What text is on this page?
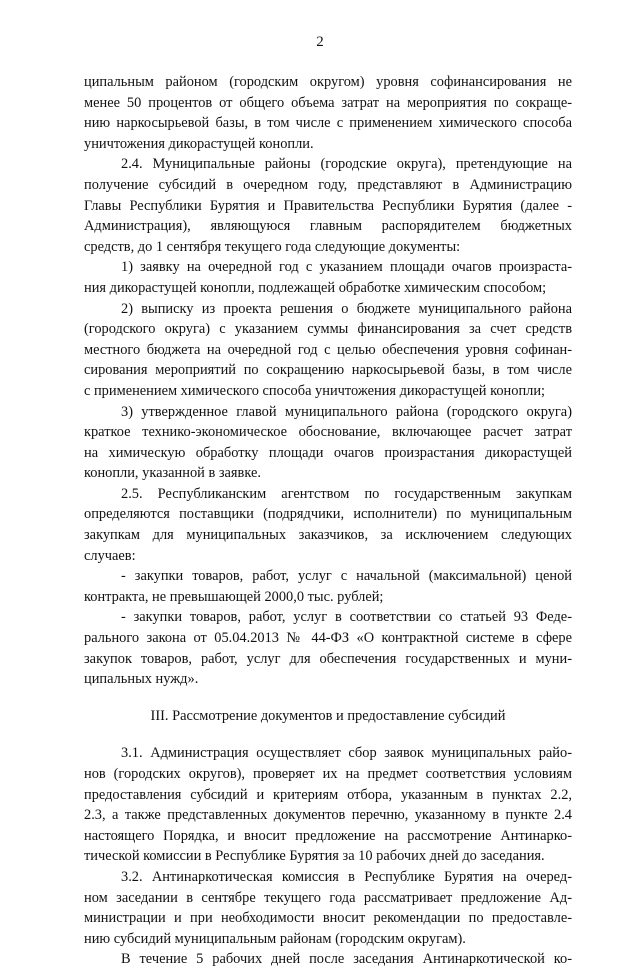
2
ципальным районом (городским округом) уровня софинансирования не
менее 50 процентов от общего объема затрат на мероприятия по сокраще-
нию наркосырьевой базы, в том числе с применением химического способа
уничтожения дикорастущей конопли.
2.4. Муниципальные районы (городские округа), претендующие на
получение субсидий в очередном году, представляют в Администрацию
Главы Республики Бурятия и Правительства Республики Бурятия (далее -
Администрация), являющуюся главным распорядителем бюджетных
средств, до 1 сентября текущего года следующие документы:
1) заявку на очередной год с указанием площади очагов произраста-
ния дикорастущей конопли, подлежащей обработке химическим способом;
2) выписку из проекта решения о бюджете муниципального района
(городского округа) с указанием суммы финансирования за счет средств
местного бюджета на очередной год с целью обеспечения уровня софинан-
сирования мероприятий по сокращению наркосырьевой базы, в том числе
с применением химического способа уничтожения дикорастущей конопли;
3) утвержденное главой муниципального района (городского округа)
краткое технико-экономическое обоснование, включающее расчет затрат
на химическую обработку площади очагов произрастания дикорастущей
конопли, указанной в заявке.
2.5. Республиканским агентством по государственным закупкам
определяются поставщики (подрядчики, исполнители) по муниципальным
закупкам для муниципальных заказчиков, за исключением следующих
случаев:
- закупки товаров, работ, услуг с начальной (максимальной) ценой
контракта, не превышающей 2000,0 тыс. рублей;
- закупки товаров, работ, услуг в соответствии со статьей 93 Феде-
рального закона от 05.04.2013 № 44-ФЗ «О контрактной системе в сфере
закупок товаров, работ, услуг для обеспечения государственных и муни-
ципальных нужд».
III. Рассмотрение документов и предоставление субсидий
3.1. Администрация осуществляет сбор заявок муниципальных райо-
нов (городских округов), проверяет их на предмет соответствия условиям
предоставления субсидий и критериям отбора, указанным в пунктах 2.2,
2.3, а также представленных документов перечню, указанному в пункте 2.4
настоящего Порядка, и вносит предложение на рассмотрение Антинарко-
тической комиссии в Республике Бурятия за 10 рабочих дней до заседания.
3.2. Антинаркотическая комиссия в Республике Бурятия на очеред-
ном заседании в сентябре текущего года рассматривает предложение Ад-
министрации и при необходимости вносит рекомендации по предоставле-
нию субсидий муниципальным районам (городским округам).
В течение 5 рабочих дней после заседания Антинаркотической ко-
